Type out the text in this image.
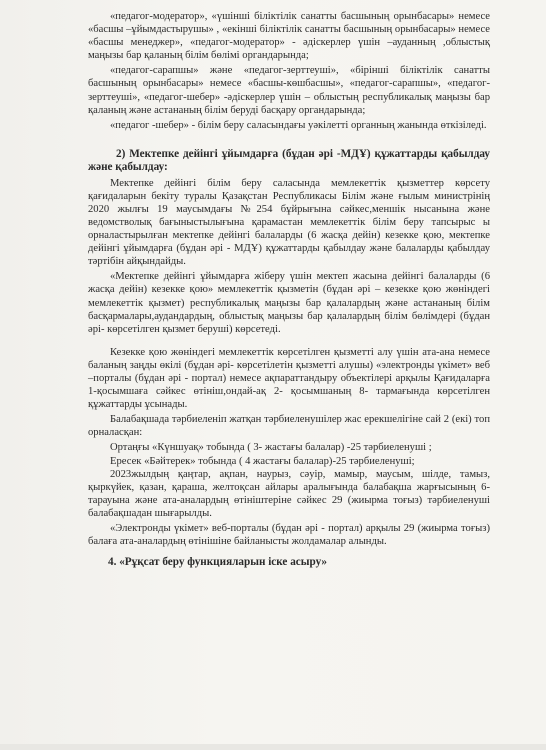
«педагог-модератор», «үшінші біліктілік санатты басшының орынбасары» немесе «басшы –ұйымдастырушы» , «екінші біліктілік санатты басшының орынбасары» немесе «басшы менеджер», «педагог-модератор» - әдіскерлер үшін –ауданның ,облыстық маңызы бар қаланың білім бөлімі органдарында;

«педагог-сарапшы» және «педагог-зерттеуші», «бірінші біліктілік санатты басшының орынбасары» немесе «басшы-көшбасшы», «педагог-сарапшы», «педагог-зерттеуші», «педагог-шебер» -әдіскерлер үшін – облыстың республикалық маңызы бар қаланың және астананың білім беруді басқару органдарында;

«педагог -шебер» - білім беру саласындағы уәкілетті органның жанында өткізіледі.

2) Мектепке дейінгі ұйымдарға (бұдан әрі -МДҰ) құжаттарды қабылдау және қабылдау:

Мектепке дейінгі білім беру саласында мемлекеттік қызметтер көрсету қағидаларын бекіту туралы Қазақстан Республикасы Білім және ғылым министрінің 2020 жылғы 19 маусымдағы №254 бұйрығына сәйкес,меншік нысанына және ведомстволық бағыныстылығына қарамастан мемлекеттік білім беру тапсырыс ы орналастырылған мектепке дейінгі балаларды (6 жасқа дейін) кезекке қою, мектепке дейінгі ұйымдарға (бұдан әрі - МДҰ) құжаттарды қабылдау және балаларды қабылдау тәртібін айқындайды.

«Мектепке дейінгі ұйымдарға жіберу үшін мектеп жасына дейінгі балаларды (6 жасқа дейін) кезекке қою» мемлекеттік қызметін (бұдан әрі – кезекке қою жөніндегі мемлекеттік қызмет) республикалық маңызы бар қалалардың және астананың білім басқармалары,аудандардың, облыстық маңызы бар қалалардың білім бөлімдері (бұдан әрі- көрсетілген қызмет беруші) көрсетеді.

Кезекке қою жөніндегі мемлекеттік көрсетілген қызметті алу үшін ата-ана немесе баланың заңды өкілі (бұдан әрі- көрсетілетін қызметті алушы) «электронды үкімет» веб –порталы (бұдан әрі - портал) немесе ақпараттандыру объектілері арқылы Қағидаларға 1-қосымшаға сәйкес өтініш,ондай-ақ 2- қосымшаның 8- тармағында көрсетілген құжаттарды ұсынады.

Балабақшада тәрбиеленіп жатқан тәрбиеленушілер жас ерекшелігіне сай 2 (екі) топ орналасқан:

Ортаңғы «Күншуақ» тобында ( 3- жастағы балалар) -25 тәрбиеленуші ;

Ересек «Бәйтерек» тобында ( 4 жастағы балалар)-25 тәрбиеленуші;

2023жылдың қаңтар, ақпан, наурыз, сәуір, мамыр, маусым, шілде, тамыз, қыркүйек, қазан, қараша, желтоқсан айлары аралығында балабақша жарғысының 6- тарауына және ата-аналардың өтініштеріне сәйкес 29 (жиырма тоғыз) тәрбиеленуші балабақшадан шығарылды.

«Электронды үкімет» веб-порталы (бұдан әрі - портал) арқылы 29 (жиырма тоғыз) балаға ата-аналардың өтінішіне байланысты жолдамалар алынды.

4. «Рұқсат беру функцияларын іске асыру»
